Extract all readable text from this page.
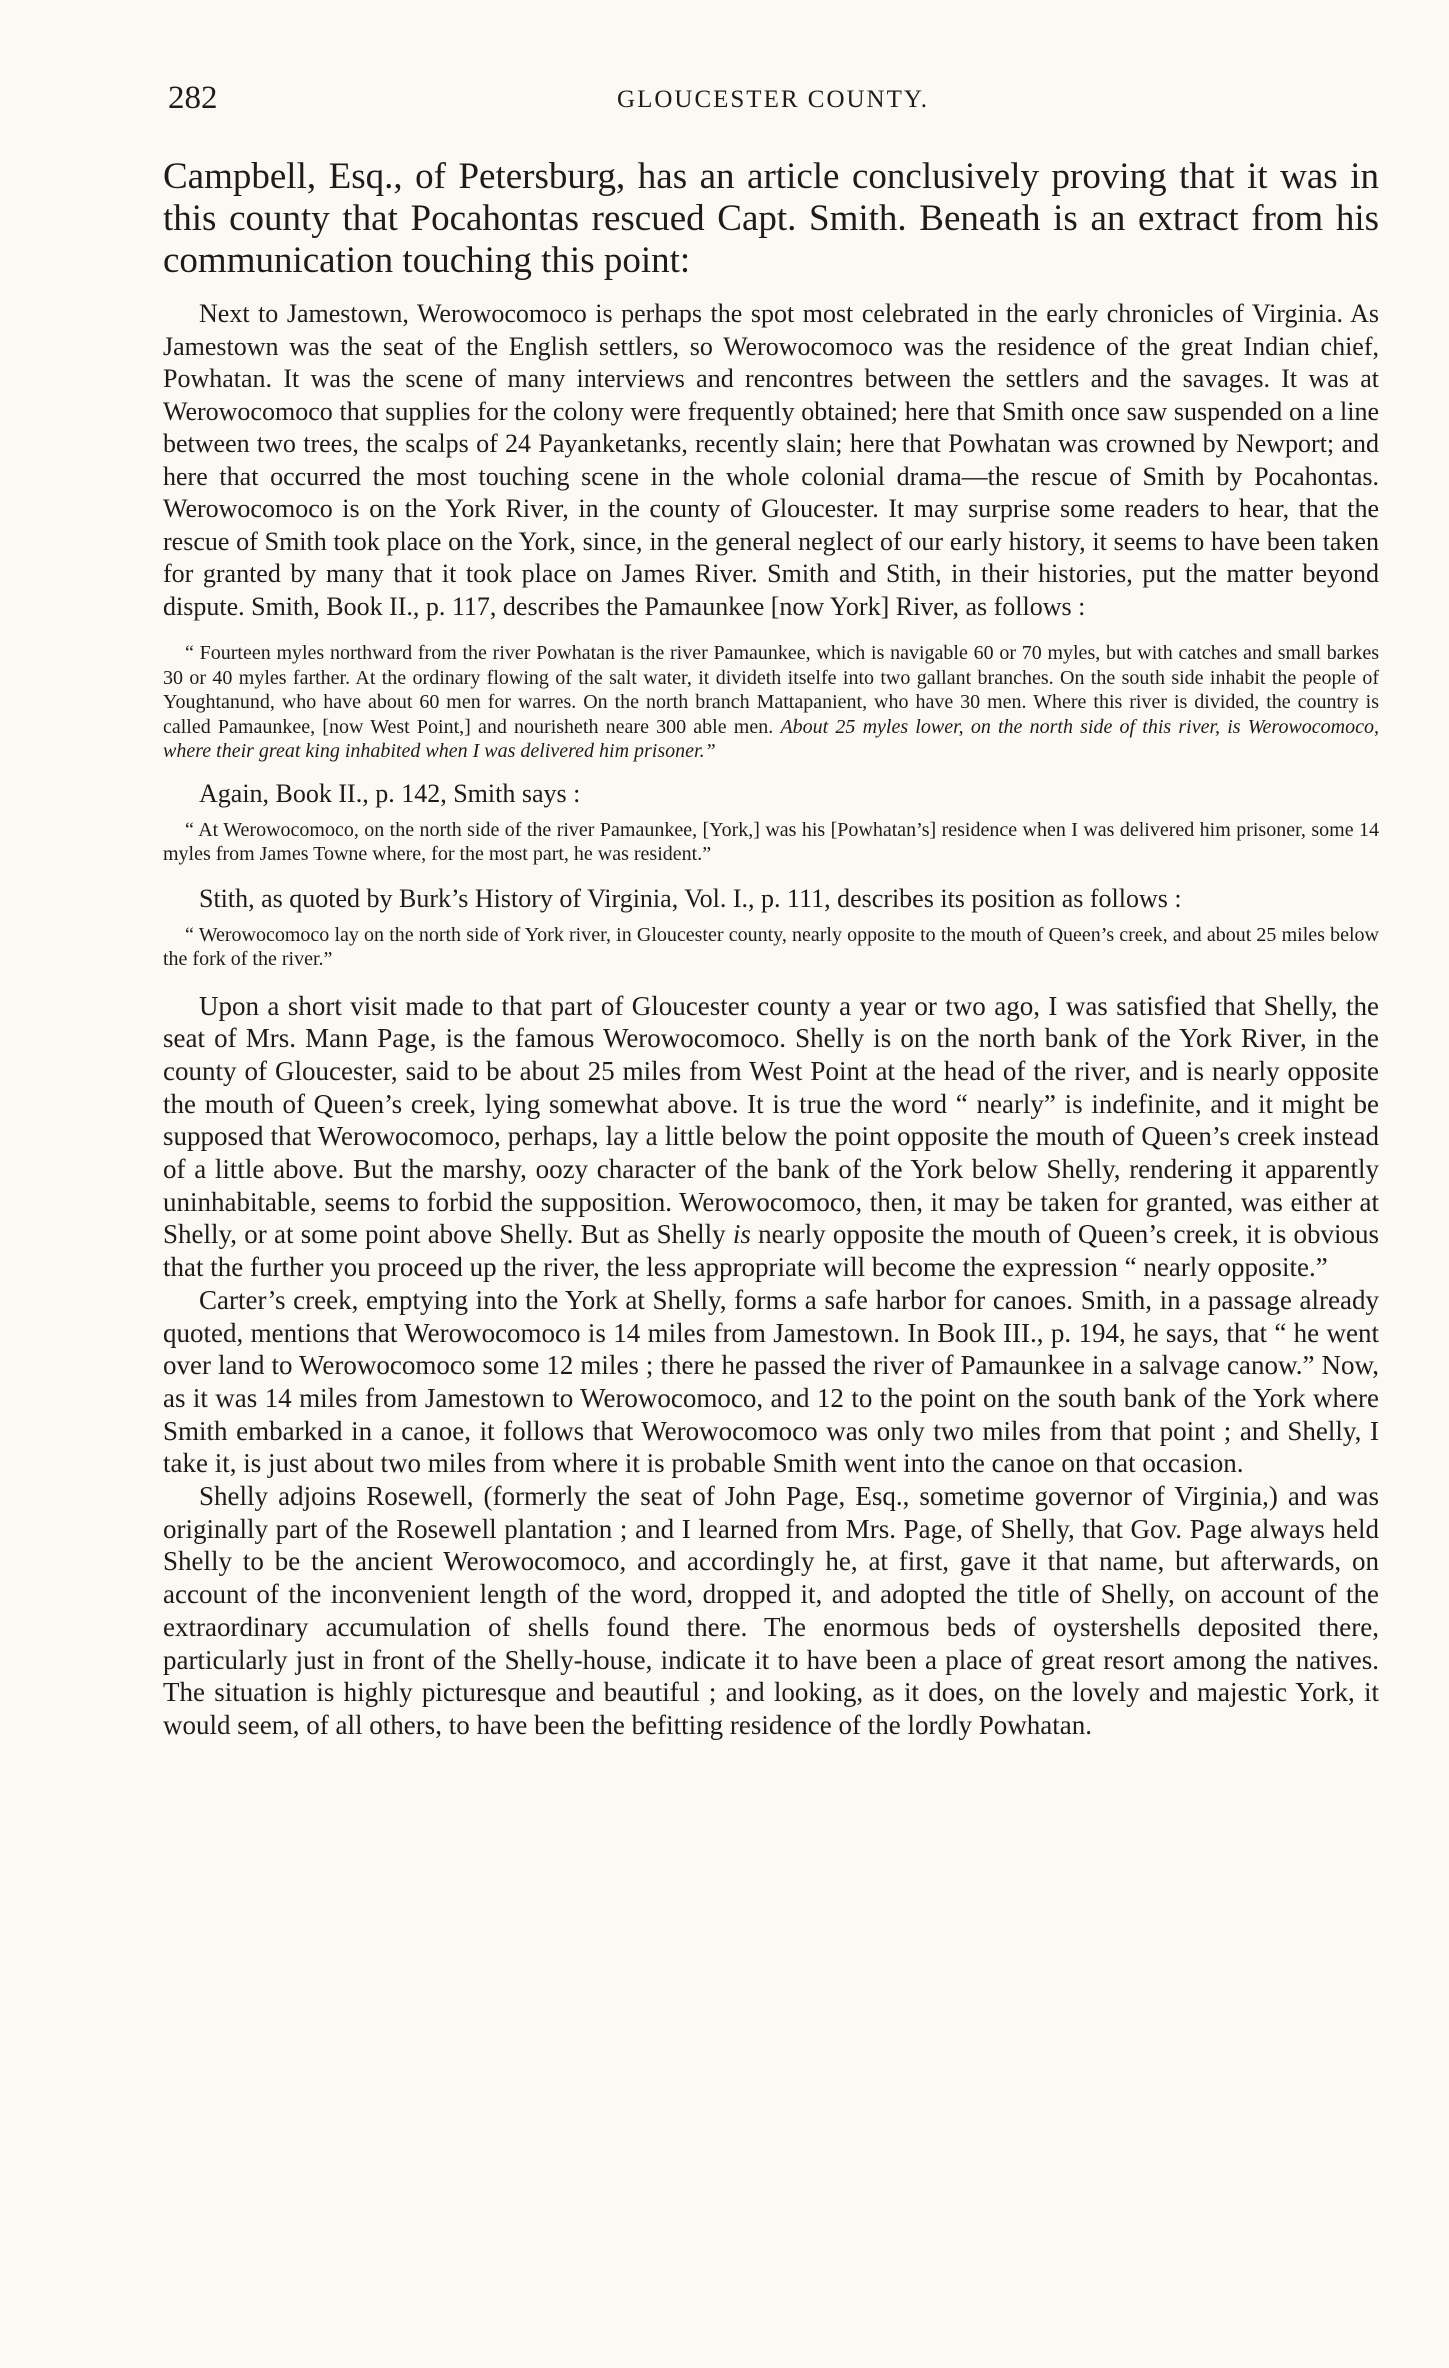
282	GLOUCESTER COUNTY.

Campbell, Esq., of Petersburg, has an article conclusively proving that it was in this county that Pocahontas rescued Capt. Smith. Beneath is an extract from his communication touching this point:

Next to Jamestown, Werowocomoco is perhaps the spot most celebrated in the early chronicles of Virginia. As Jamestown was the seat of the English settlers, so Werowocomoco was the residence of the great Indian chief, Powhatan. It was the scene of many interviews and rencontres between the settlers and the savages. It was at Werowocomoco that supplies for the colony were frequently obtained; here that Smith once saw suspended on a line between two trees, the scalps of 24 Payanketanks, recently slain; here that Powhatan was crowned by Newport; and here that occurred the most touching scene in the whole colonial drama—the rescue of Smith by Pocahontas. Werowocomoco is on the York River, in the county of Gloucester. It may surprise some readers to hear, that the rescue of Smith took place on the York, since, in the general neglect of our early history, it seems to have been taken for granted by many that it took place on James River. Smith and Stith, in their histories, put the matter beyond dispute. Smith, Book II., p. 117, describes the Pamaunkee [now York] River, as follows :

“ Fourteen myles northward from the river Powhatan is the river Pamaunkee, which is navigable 60 or 70 myles, but with catches and small barkes 30 or 40 myles farther. At the ordinary flowing of the salt water, it divideth itselfe into two gallant branches. On the south side inhabit the people of Youghtanund, who have about 60 men for warres. On the north branch Mattapanient, who have 30 men. Where this river is divided, the country is called Pamaunkee, [now West Point,] and nourisheth neare 300 able men. About 25 myles lower, on the north side of this river, is Werowocomoco, where their great king inhabited when I was delivered him prisoner.”

Again, Book II., p. 142, Smith says :

“ At Werowocomoco, on the north side of the river Pamaunkee, [York,] was his [Powhatan’s] residence when I was delivered him prisoner, some 14 myles from James Towne where, for the most part, he was resident.”

Stith, as quoted by Burk’s History of Virginia, Vol. I., p. 111, describes its position as follows :

“ Werowocomoco lay on the north side of York river, in Gloucester county, nearly opposite to the mouth of Queen’s creek, and about 25 miles below the fork of the river.”

Upon a short visit made to that part of Gloucester county a year or two ago, I was satisfied that Shelly, the seat of Mrs. Mann Page, is the famous Werowocomoco. Shelly is on the north bank of the York River, in the county of Gloucester, said to be about 25 miles from West Point at the head of the river, and is nearly opposite the mouth of Queen’s creek, lying somewhat above. It is true the word “ nearly” is indefinite, and it might be supposed that Werowocomoco, perhaps, lay a little below the point opposite the mouth of Queen’s creek instead of a little above. But the marshy, oozy character of the bank of the York below Shelly, rendering it apparently uninhabitable, seems to forbid the supposition. Werowocomoco, then, it may be taken for granted, was either at Shelly, or at some point above Shelly. But as Shelly is nearly opposite the mouth of Queen’s creek, it is obvious that the further you proceed up the river, the less appropriate will become the expression “ nearly opposite.”

Carter’s creek, emptying into the York at Shelly, forms a safe harbor for canoes. Smith, in a passage already quoted, mentions that Werowocomoco is 14 miles from Jamestown. In Book III., p. 194, he says, that “ he went over land to Werowocomoco some 12 miles ; there he passed the river of Pamaunkee in a salvage canow.” Now, as it was 14 miles from Jamestown to Werowocomoco, and 12 to the point on the south bank of the York where Smith embarked in a canoe, it follows that Werowocomoco was only two miles from that point ; and Shelly, I take it, is just about two miles from where it is probable Smith went into the canoe on that occasion.

Shelly adjoins Rosewell, (formerly the seat of John Page, Esq., sometime governor of Virginia,) and was originally part of the Rosewell plantation ; and I learned from Mrs. Page, of Shelly, that Gov. Page always held Shelly to be the ancient Werowocomoco, and accordingly he, at first, gave it that name, but afterwards, on account of the inconvenient length of the word, dropped it, and adopted the title of Shelly, on account of the extraordinary accumulation of shells found there. The enormous beds of oystershells deposited there, particularly just in front of the Shelly-house, indicate it to have been a place of great resort among the natives. The situation is highly picturesque and beautiful ; and looking, as it does, on the lovely and majestic York, it would seem, of all others, to have been the befitting residence of the lordly Powhatan.
